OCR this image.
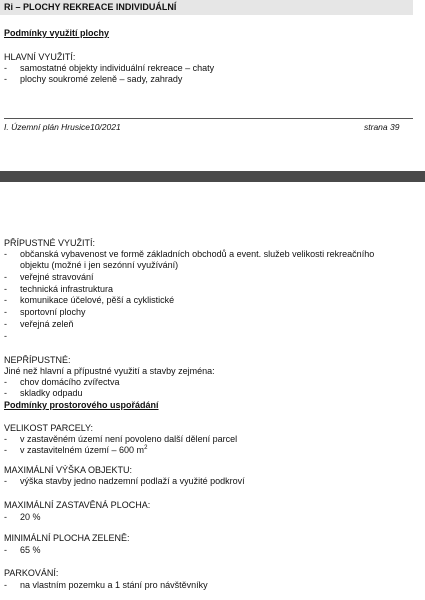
Ri – PLOCHY REKREACE INDIVIDUÁLNÍ
Podmínky využití plochy
HLAVNÍ VYUŽITÍ:
- samostatné objekty individuální rekreace – chaty
- plochy soukromé zeleně – sady, zahrady
I. Územní plán Hrusice10/2021	strana 39
PŘÍPUSTNÉ VYUŽITÍ:
- občanská vybavenost ve formě základních obchodů a event. služeb velikosti rekreačního
objektu (možné i jen sezónní využívání)
- veřejné stravování
- technická infrastruktura
- komunikace účelové, pěší a cyklistické
- sportovní plochy
- veřejná zeleň
-
NEPŘÍPUSTNÉ:
Jiné než hlavní a přípustné využití a stavby zejména:
- chov domácího zvířectva
- skladky odpadu
Podmínky prostorového uspořádání
VELIKOST PARCELY:
- v zastavěném území není povoleno další dělení parcel
- v zastavitelném území – 600 $m^2$
MAXIMÁLNÍ VÝŠKA OBJEKTU:
- výška stavby jedno nadzemní podlaží a využité podkroví
MAXIMÁLNÍ ZASTAVĚNÁ PLOCHA:
- 20 %
MINIMÁLNÍ PLOCHA ZELENĚ:
- 65 %
PARKOVÁNÍ:
- na vlastním pozemku a 1 stání pro návštěvníky
